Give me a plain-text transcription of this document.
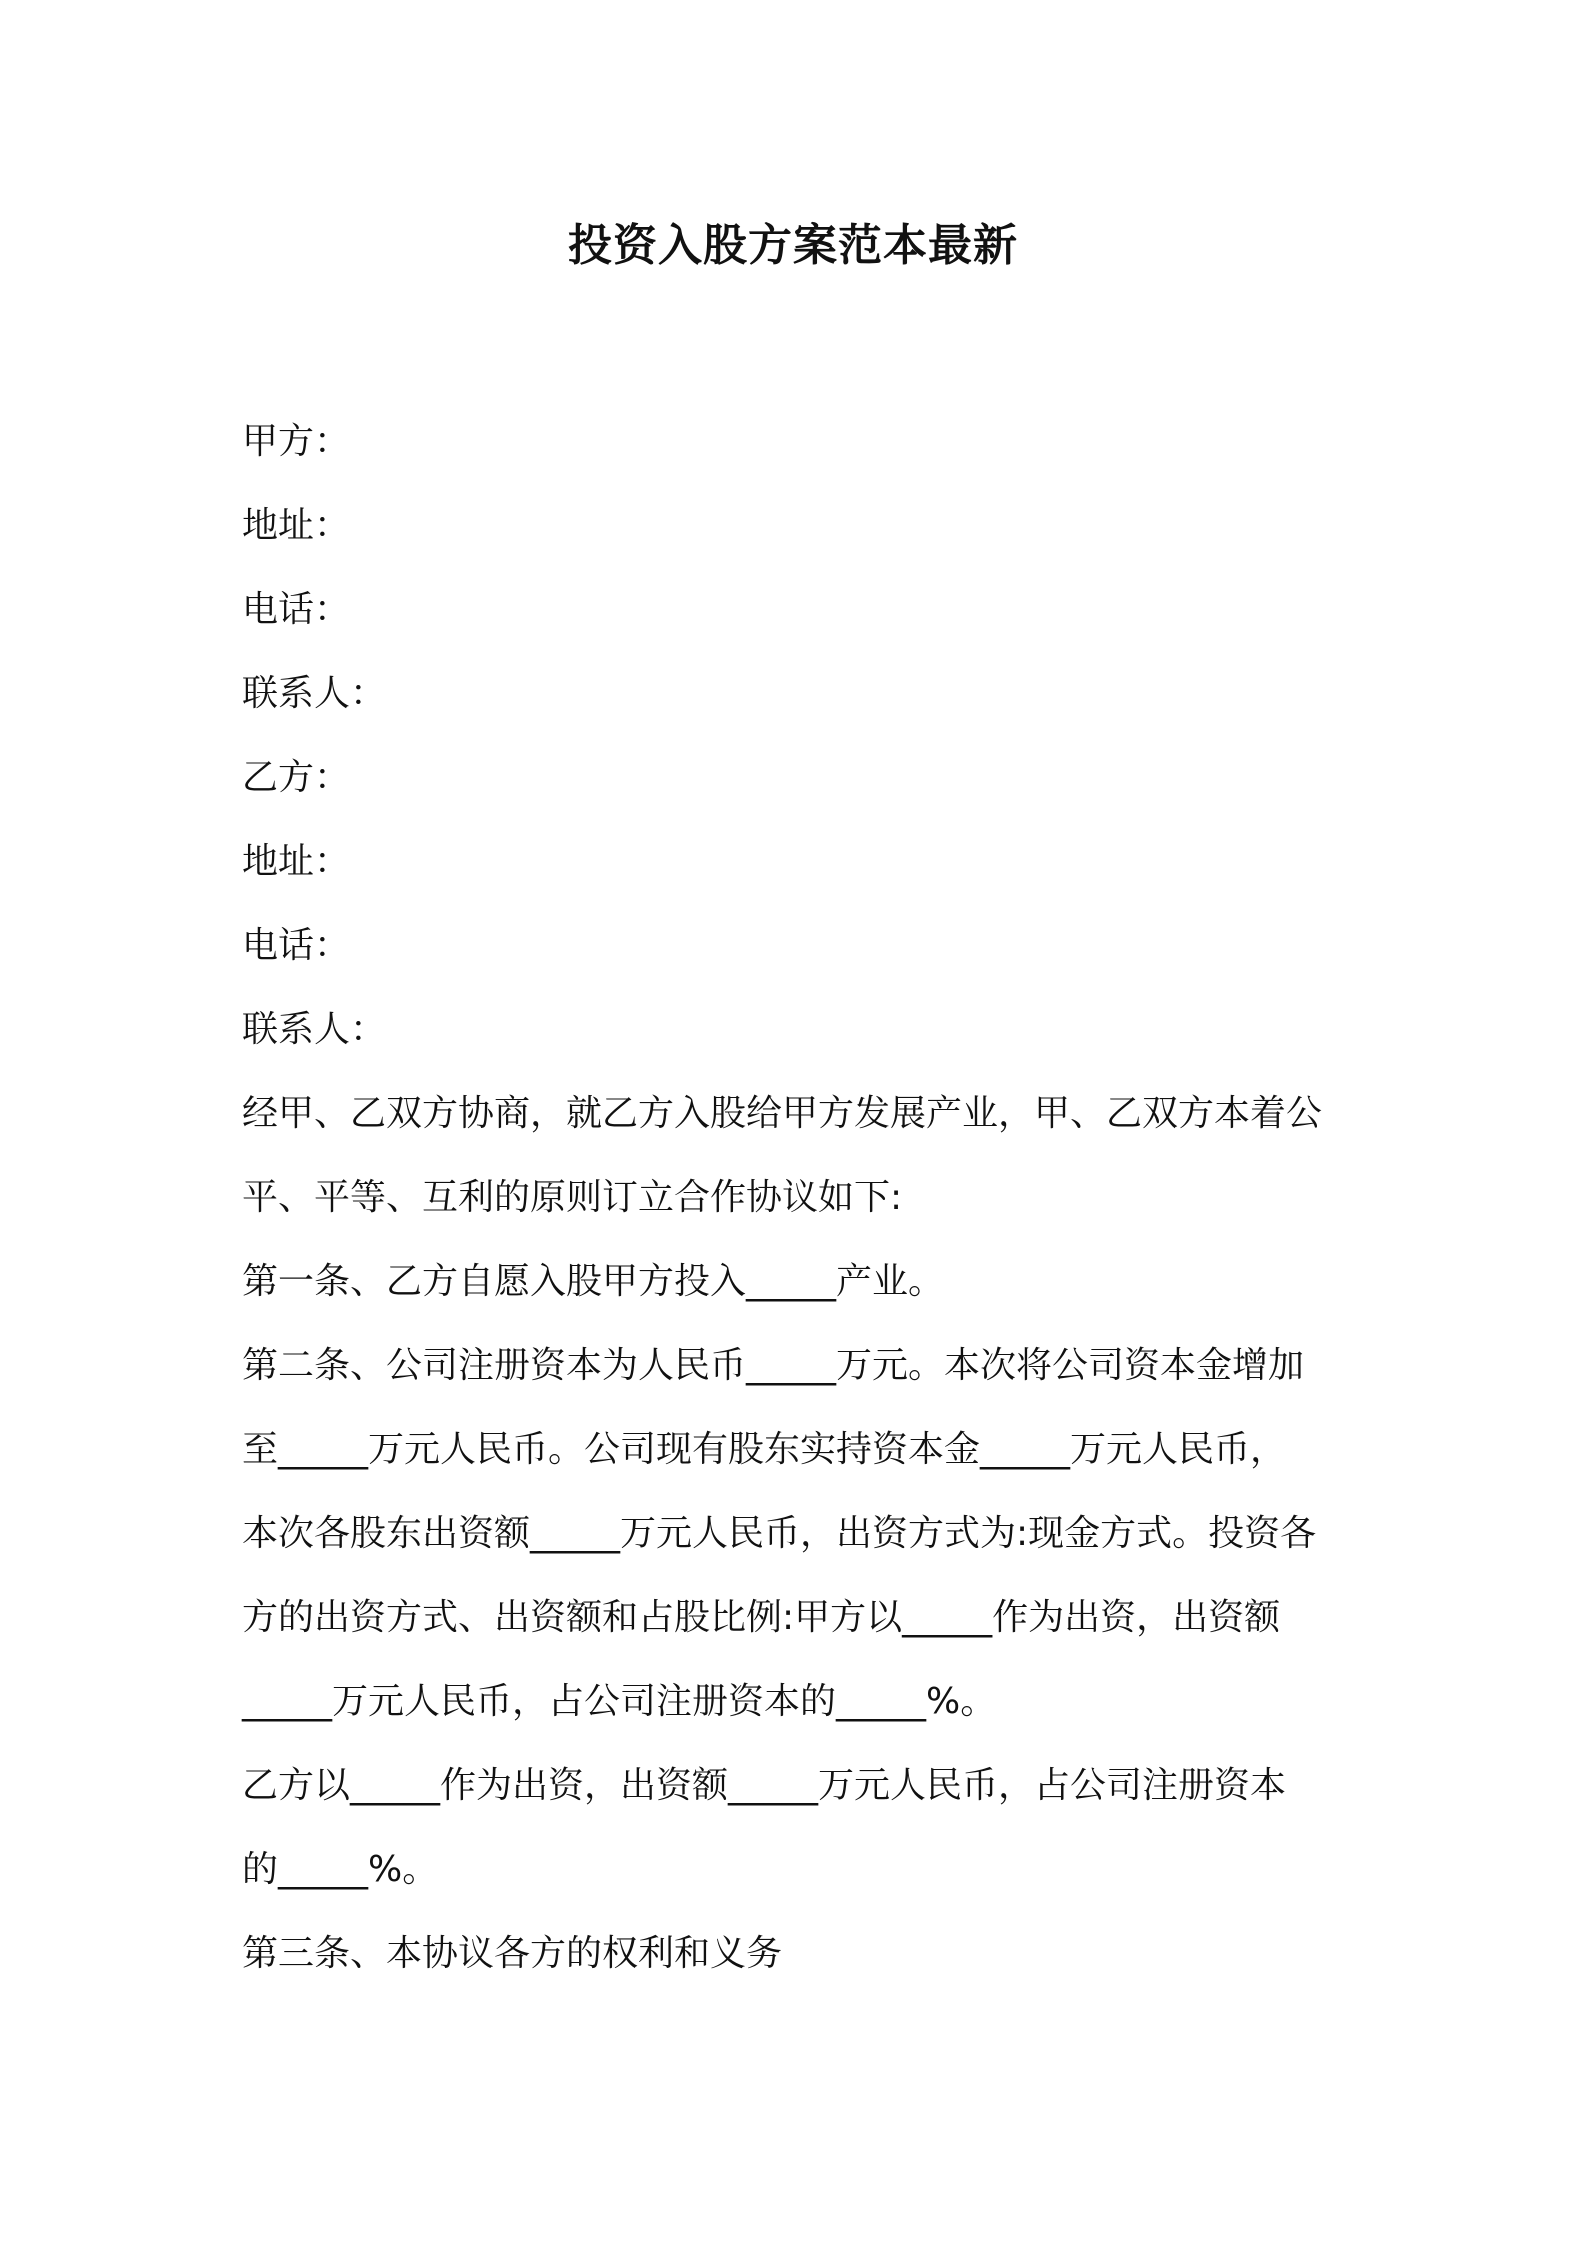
投资入股方案范本最新
甲方：
地址：
电话：
联系人：
乙方：
地址：
电话：
联系人：
经甲、乙双方协商，就乙方入股给甲方发展产业，甲、乙双方本着公
平、平等、互利的原则订立合作协议如下:
第一条、乙方自愿入股甲方投入_____产业。
第二条、公司注册资本为人民币_____万元。本次将公司资本金增加
至_____万元人民币。公司现有股东实持资本金_____万元人民币，
本次各股东出资额_____万元人民币，出资方式为:现金方式。投资各
方的出资方式、出资额和占股比例:甲方以_____作为出资，出资额
_____万元人民币，占公司注册资本的_____%。
乙方以_____作为出资，出资额_____万元人民币，占公司注册资本
的_____%。
第三条、本协议各方的权利和义务
